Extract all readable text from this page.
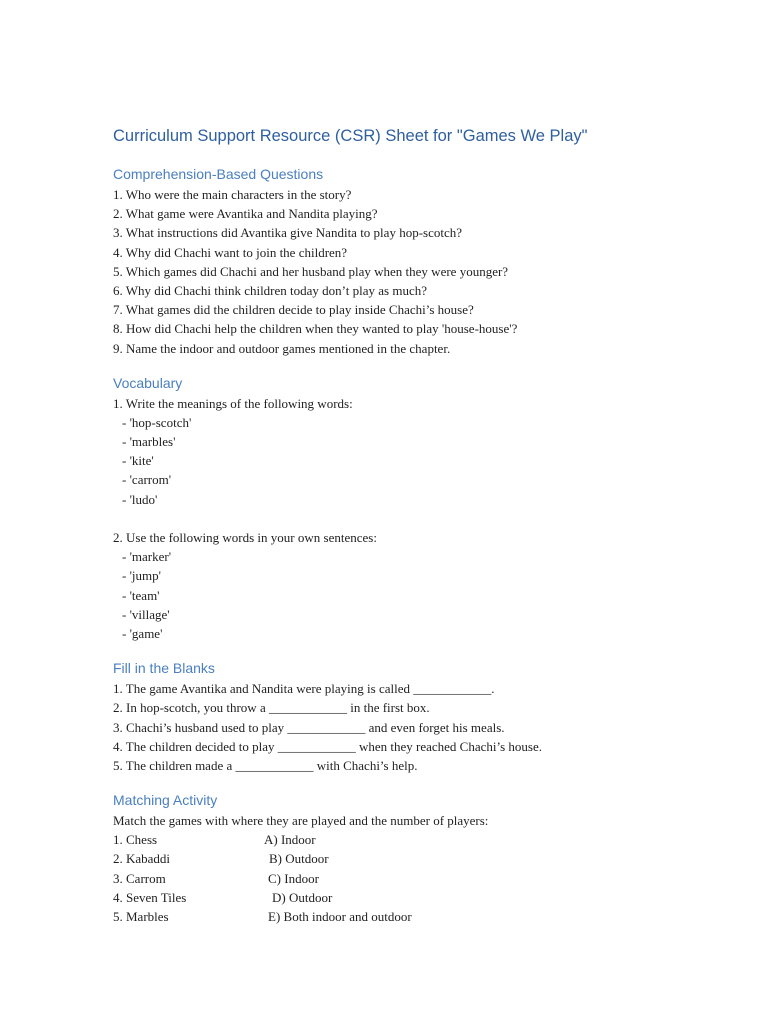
Curriculum Support Resource (CSR) Sheet for "Games We Play"
Comprehension-Based Questions
1. Who were the main characters in the story?
2. What game were Avantika and Nandita playing?
3. What instructions did Avantika give Nandita to play hop-scotch?
4. Why did Chachi want to join the children?
5. Which games did Chachi and her husband play when they were younger?
6. Why did Chachi think children today don’t play as much?
7. What games did the children decide to play inside Chachi’s house?
8. How did Chachi help the children when they wanted to play 'house-house'?
9. Name the indoor and outdoor games mentioned in the chapter.
Vocabulary
1. Write the meanings of the following words:
- 'hop-scotch'
- 'marbles'
- 'kite'
- 'carrom'
- 'ludo'
2. Use the following words in your own sentences:
- 'marker'
- 'jump'
- 'team'
- 'village'
- 'game'
Fill in the Blanks
1. The game Avantika and Nandita were playing is called ____________.
2. In hop-scotch, you throw a ____________ in the first box.
3. Chachi’s husband used to play ____________ and even forget his meals.
4. The children decided to play ____________ when they reached Chachi’s house.
5. The children made a ____________ with Chachi’s help.
Matching Activity
Match the games with where they are played and the number of players:
1. Chess	A) Indoor
2. Kabaddi	B) Outdoor
3. Carrom	C) Indoor
4. Seven Tiles	D) Outdoor
5. Marbles	E) Both indoor and outdoor
